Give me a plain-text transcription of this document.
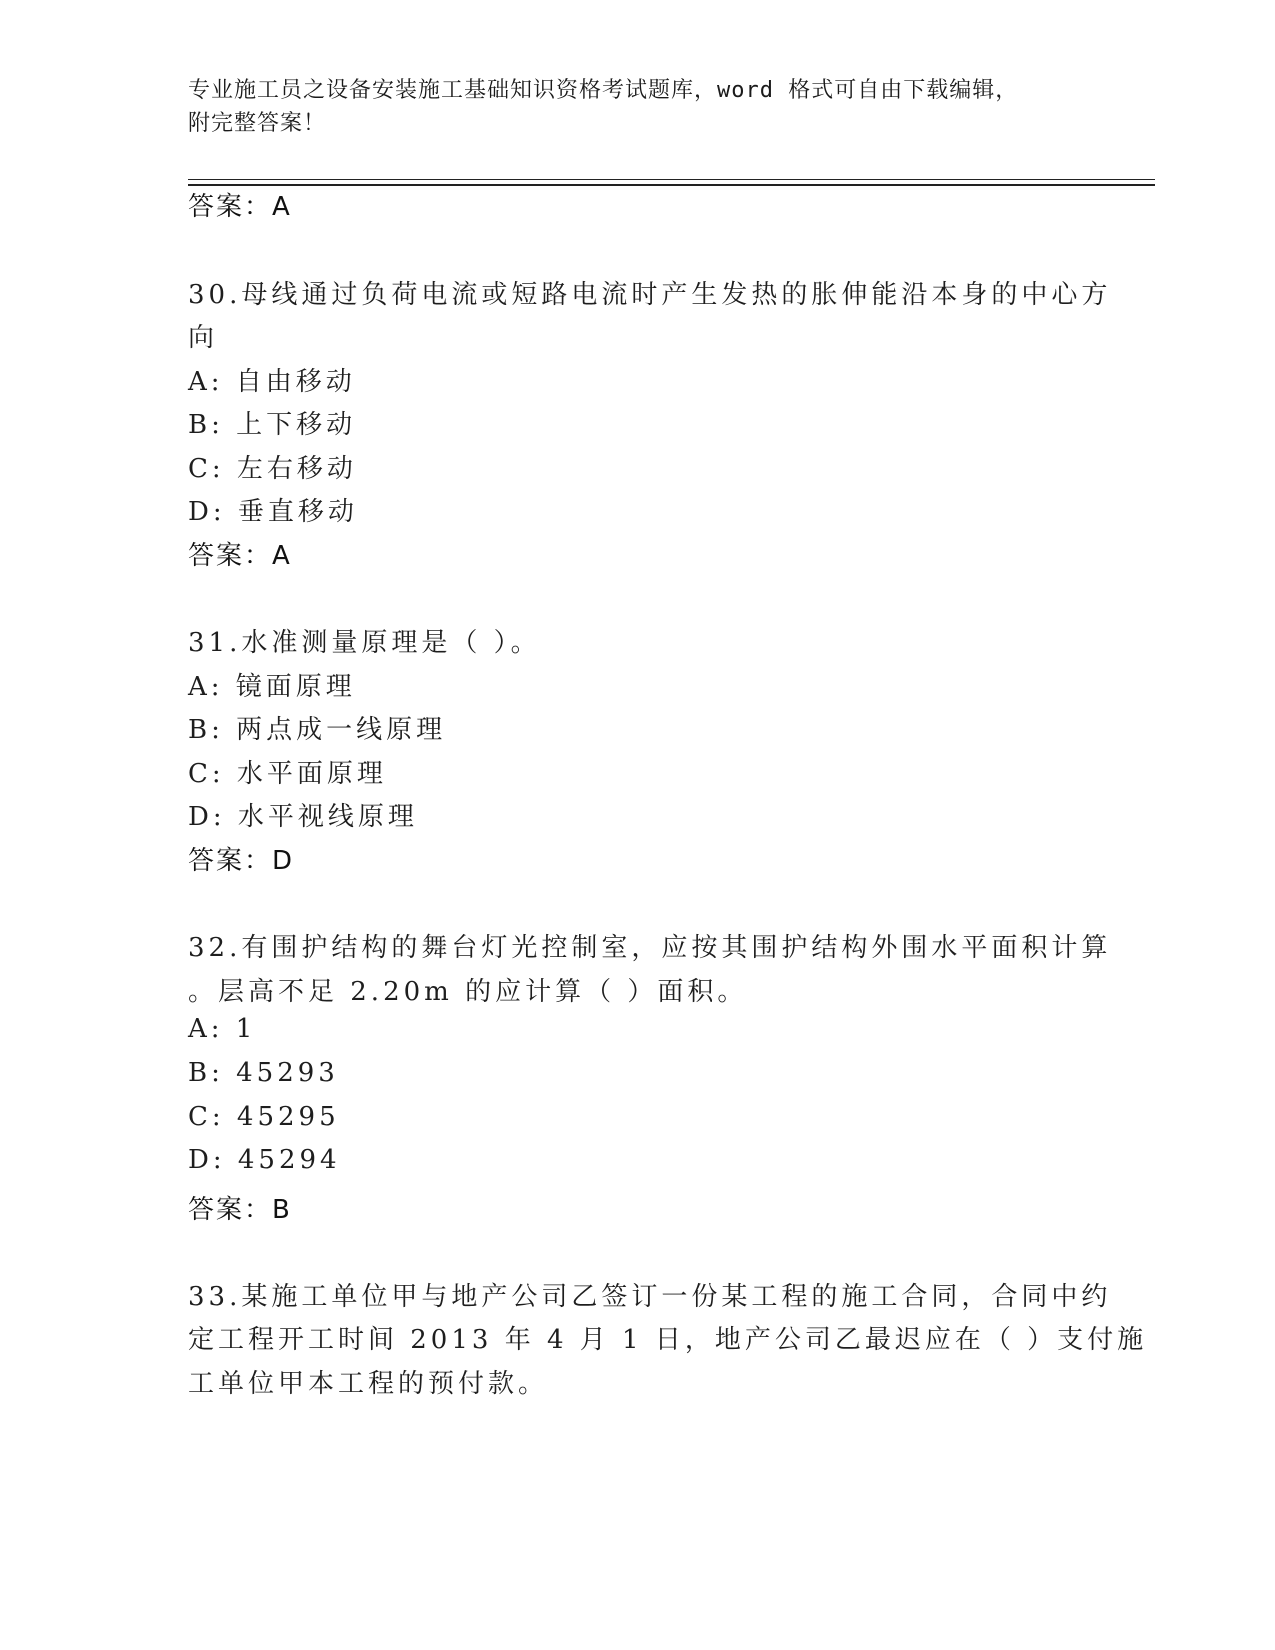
专业施工员之设备安装施工基础知识资格考试题库，word 格式可自由下载编辑，
附完整答案！
答案：A
30.母线通过负荷电流或短路电流时产生发热的胀伸能沿本身的中心方
向
A: 自由移动
B: 上下移动
C: 左右移动
D: 垂直移动
答案：A
31.水准测量原理是（ ）。
A: 镜面原理
B: 两点成一线原理
C: 水平面原理
D: 水平视线原理
答案：D
32.有围护结构的舞台灯光控制室，应按其围护结构外围水平面积计算
。层高不足 2.20m 的应计算（ ）面积。
A: 1
B: 45293
C: 45295
D: 45294
答案：B
33.某施工单位甲与地产公司乙签订一份某工程的施工合同，合同中约
定工程开工时间 2013 年 4 月 1 日，地产公司乙最迟应在（ ）支付施
工单位甲本工程的预付款。
